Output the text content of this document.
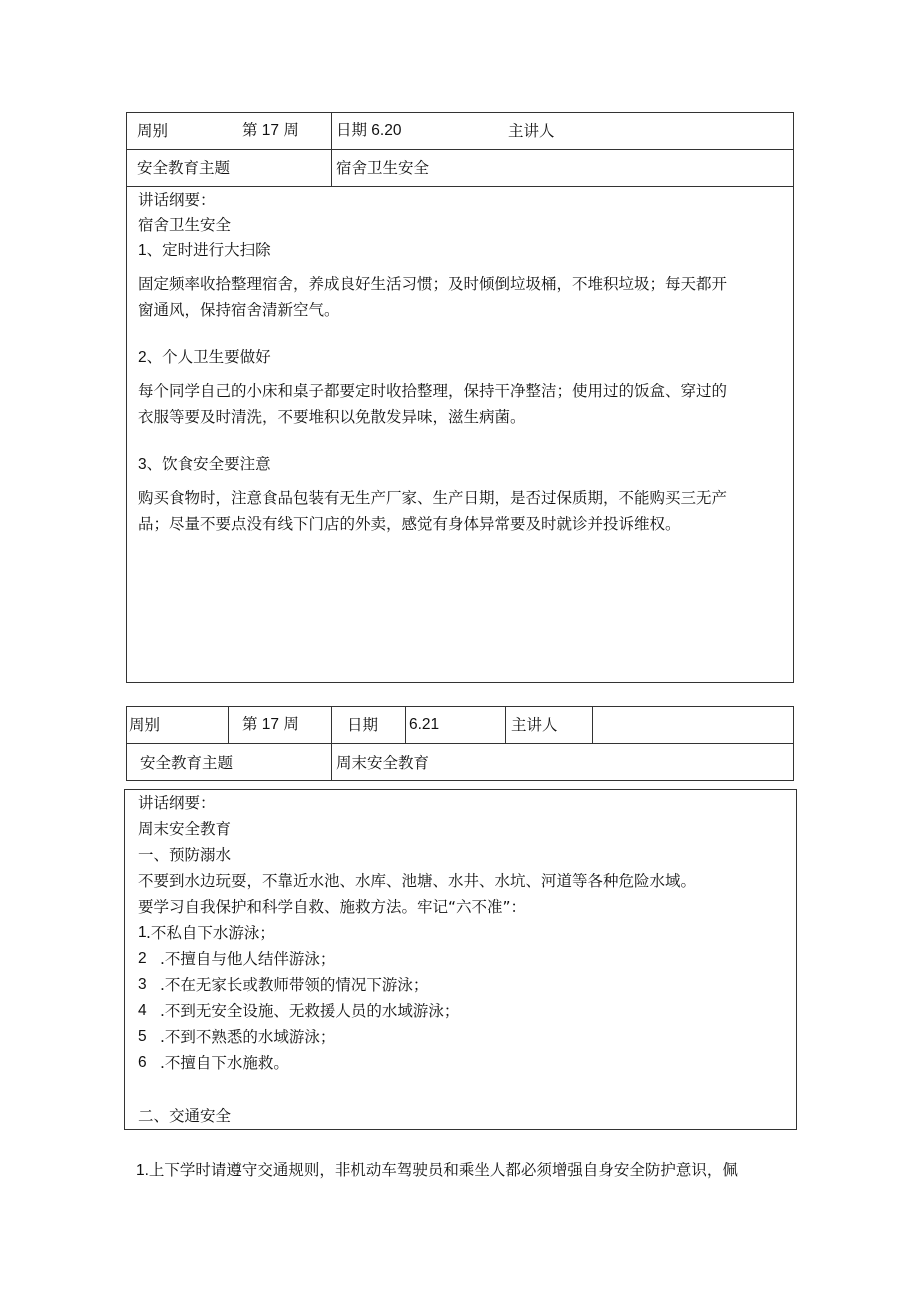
周别	第 17 周 日期 6.20	主讲人
安全教育主题	宿舍卫生安全
讲话纲要：
宿舍卫生安全
1、定时进行大扫除
固定频率收拾整理宿舍，养成良好生活习惯；及时倾倒垃圾桶，不堆积垃圾；每天都开
窗通风，保持宿舍清新空气。
2、个人卫生要做好
每个同学自己的小床和桌子都要定时收拾整理，保持干净整洁；使用过的饭盒、穿过的
衣服等要及时清洗，不要堆积以免散发异味，滋生病菌。
3、饮食安全要注意
购买食物时，注意食品包装有无生产厂家、生产日期，是否过保质期，不能购买三无产
品；尽量不要点没有线下门店的外卖，感觉有身体异常要及时就诊并投诉维权。
周别	第 17 周	日期 6.21	主讲人
安全教育主题	周末安全教育
讲话纲要：
周末安全教育
一、预防溺水
不要到水边玩耍，不靠近水池、水库、池塘、水井、水坑、河道等各种危险水域。
要学习自我保护和科学自救、施救方法。牢记“六不准”：
1 .不私自下水游泳；
2 .不擅自与他人结伴游泳；
3 .不在无家长或教师带领的情况下游泳；
4 .不到无安全设施、无救援人员的水域游泳；
5 .不到不熟悉的水域游泳；
6 .不擅自下水施救。
二、交通安全
1.上下学时请遵守交通规则，非机动车驾驶员和乘坐人都必须增强自身安全防护意识，佩
